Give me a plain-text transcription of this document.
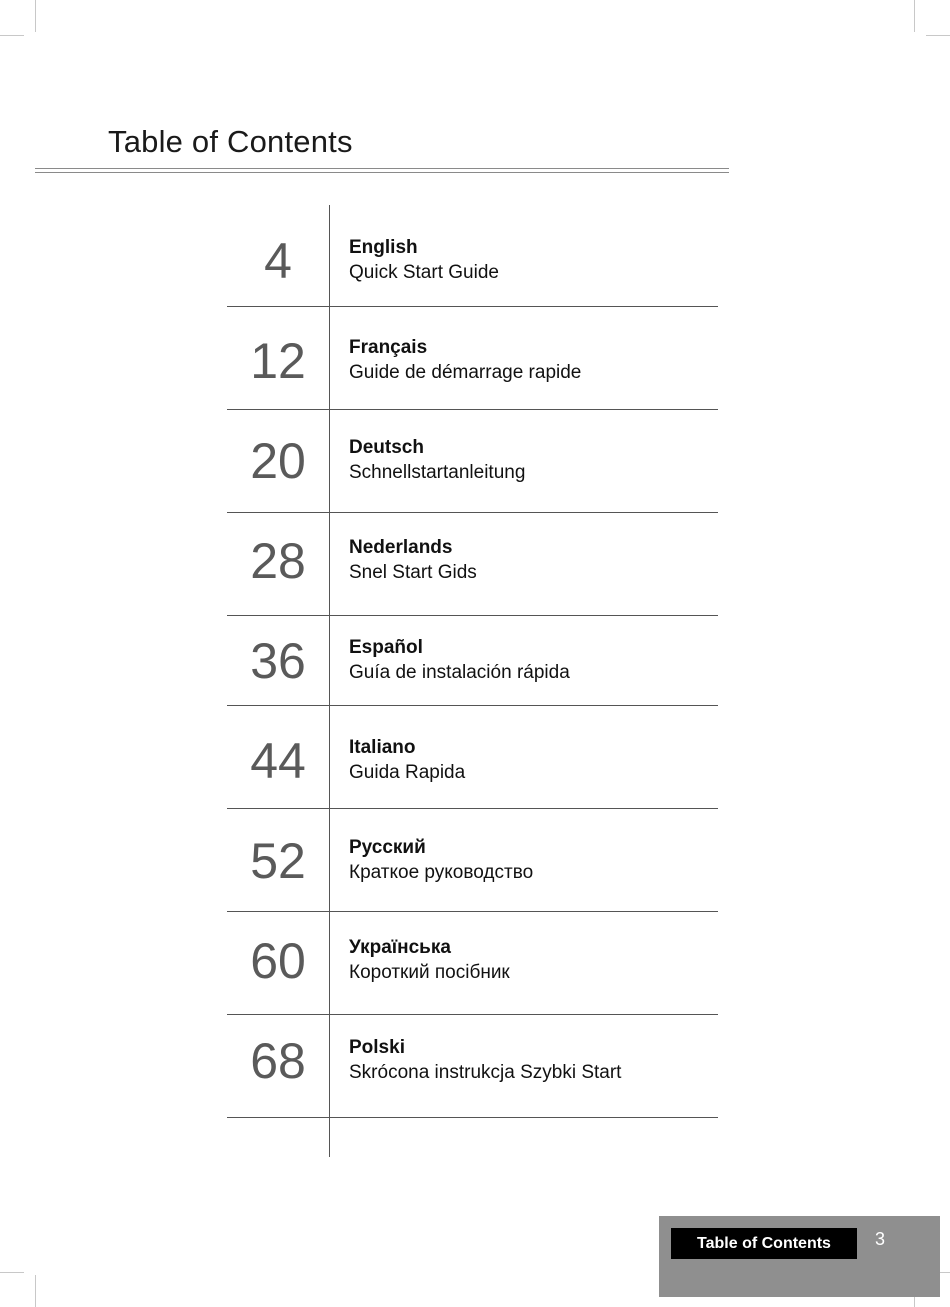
Table of Contents
4	English
Quick Start Guide
12	Français
Guide de démarrage rapide
20	Deutsch
Schnellstartanleitung
28	Nederlands
Snel Start Gids
36	Español
Guía de instalación rápida
44	Italiano
Guida Rapida
52	Русский
Краткое руководство
60	Українська
Короткий посібник
68	Polski
Skrócona instrukcja Szybki Start
Table of Contents	3
